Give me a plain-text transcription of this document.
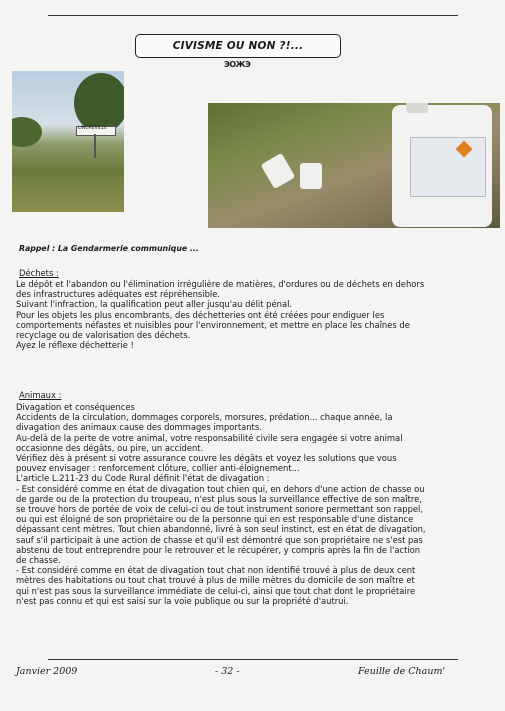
CIVISME OU NON ?!...
ЭOЖЭ
LINGREVILLE
Rappel : La Gendarmerie communique ...
Déchets :
Le dépôt et l'abandon ou l'élimination irrégulière de matières, d'ordures ou de déchets en dehors
des infrastructures adéquates est répréhensible.
Suivant l'infraction, la qualification peut aller jusqu'au délit pénal.
Pour les objets les plus encombrants, des déchetteries ont été créées pour endiguer les
comportements néfastes et nuisibles pour l'environnement, et mettre en place les chaînes de
recyclage ou de valorisation des déchets.
Ayez le réflexe déchetterie !
Animaux :
Divagation et conséquences
Accidents de la circulation, dommages corporels, morsures, prédation... chaque année, la
divagation des animaux cause des dommages importants.
Au-delà de la perte de votre animal, votre responsabilité civile sera engagée si votre animal
occasionne des dégâts, ou pire, un accident.
Vérifiez dès à présent si votre assurance couvre les dégâts et voyez les solutions que vous
pouvez envisager : renforcement clôture, collier anti-éloignement...
L'article L.211-23 du Code Rural définit l'état de divagation :
- Est considéré comme en état de divagation tout chien qui, en dehors d'une action de chasse ou
de garde ou de la protection du troupeau, n'est plus sous la surveillance effective de son maître,
se trouve hors de portée de voix de celui-ci ou de tout instrument sonore permettant son rappel,
ou qui est éloigné de son propriétaire ou de la personne qui en est responsable d'une distance
dépassant cent mètres. Tout chien abandonné, livré à son seul instinct, est en état de divagation,
sauf s'il participait à une action de chasse et qu'il est démontré que son propriétaire ne s'est pas
abstenu de tout entreprendre pour le retrouver et le récupérer, y compris après la fin de l'action
de chasse.
- Est considéré comme en état de divagation tout chat non identifié trouvé à plus de deux cent
mètres des habitations ou tout chat trouvé à plus de mille mètres du domicile de son maître et
qui n'est pas sous la surveillance immédiate de celui-ci, ainsi que tout chat dont le propriétaire
n'est pas connu et qui est saisi sur la voie publique ou sur la propriété d'autrui.
Janvier 2009	- 32 -	Feuille de Chaum'
